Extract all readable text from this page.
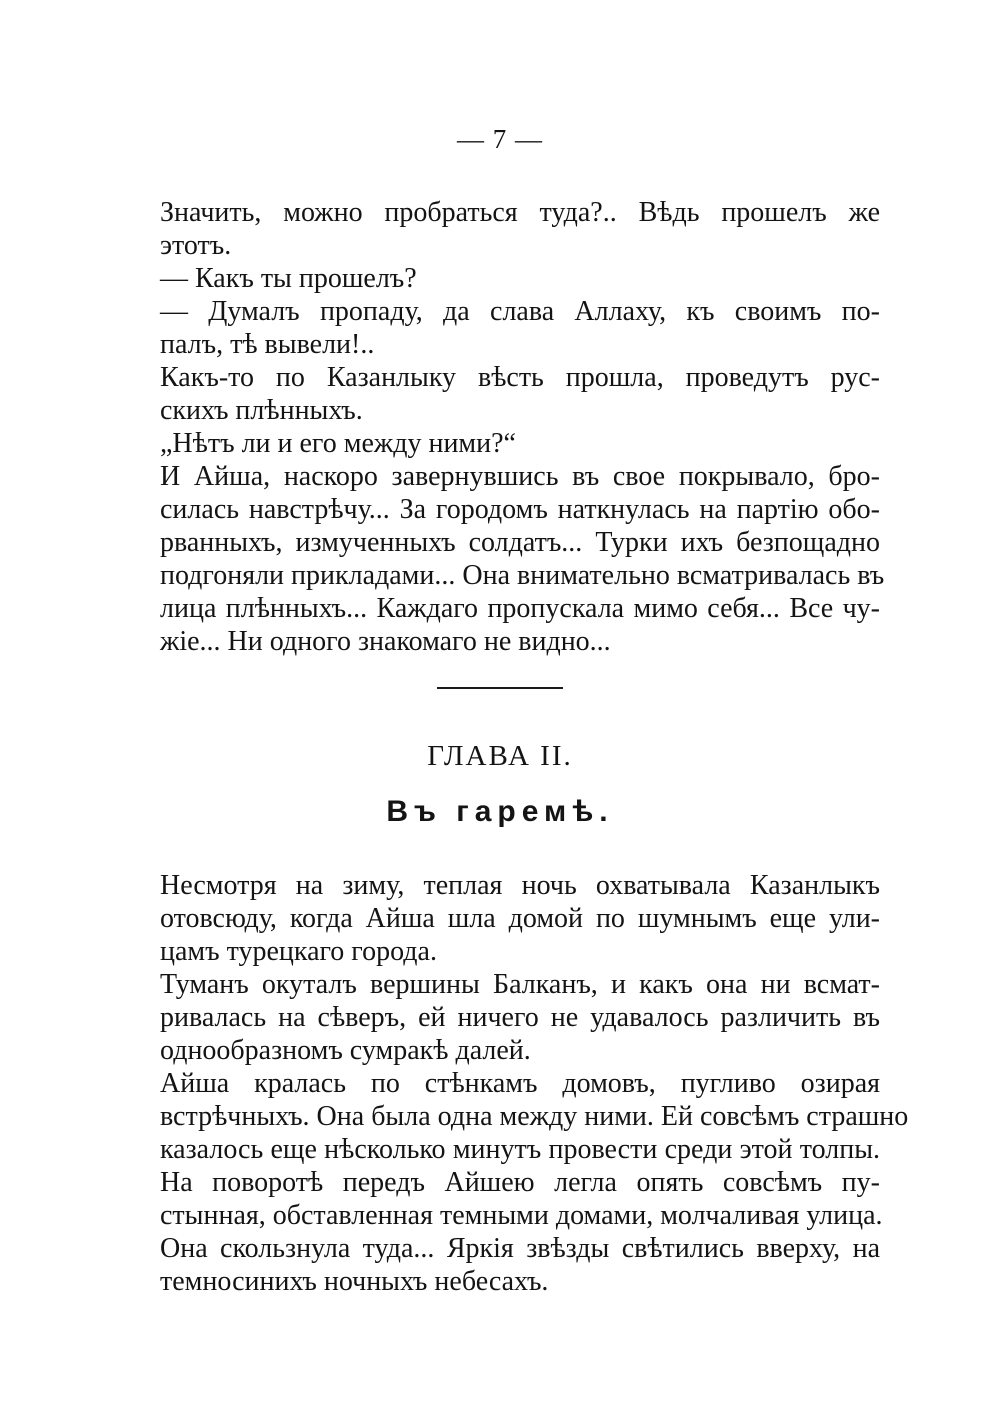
— 7 —
Значить, можно пробраться туда?.. Вѣдь прошелъ же
этотъ.
— Какъ ты прошелъ?
— Думалъ пропаду, да слава Аллаху, къ своимъ по-
палъ, тѣ вывели!..
Какъ-то по Казанлыку вѣсть прошла, проведутъ рус-
скихъ плѣнныхъ.
„Нѣтъ ли и его между ними?“
И Айша, наскоро завернувшись въ свое покрывало, бро-
силась навстрѣчу... За городомъ наткнулась на партію обо-
рванныхъ, измученныхъ солдатъ... Турки ихъ безпощадно
подгоняли прикладами... Она внимательно всматривалась въ
лица плѣнныхъ... Каждаго пропускала мимо себя... Все чу-
жіе... Ни одного знакомаго не видно...
ГЛАВА II.
Въ гаремѣ.
Несмотря на зиму, теплая ночь охватывала Казанлыкъ
отовсюду, когда Айша шла домой по шумнымъ еще ули-
цамъ турецкаго города.
Туманъ окуталъ вершины Балканъ, и какъ она ни всмат-
ривалась на сѣверъ, ей ничего не удавалось различить въ
однообразномъ сумракѣ далей.
Айша кралась по стѣнкамъ домовъ, пугливо озирая
встрѣчныхъ. Она была одна между ними. Ей совсѣмъ страшно
казалось еще нѣсколько минутъ провести среди этой толпы.
На поворотѣ передъ Айшею легла опять совсѣмъ пу-
стынная, обставленная темными домами, молчаливая улица.
Она скользнула туда... Яркія звѣзды свѣтились вверху, на
темносинихъ ночныхъ небесахъ.
